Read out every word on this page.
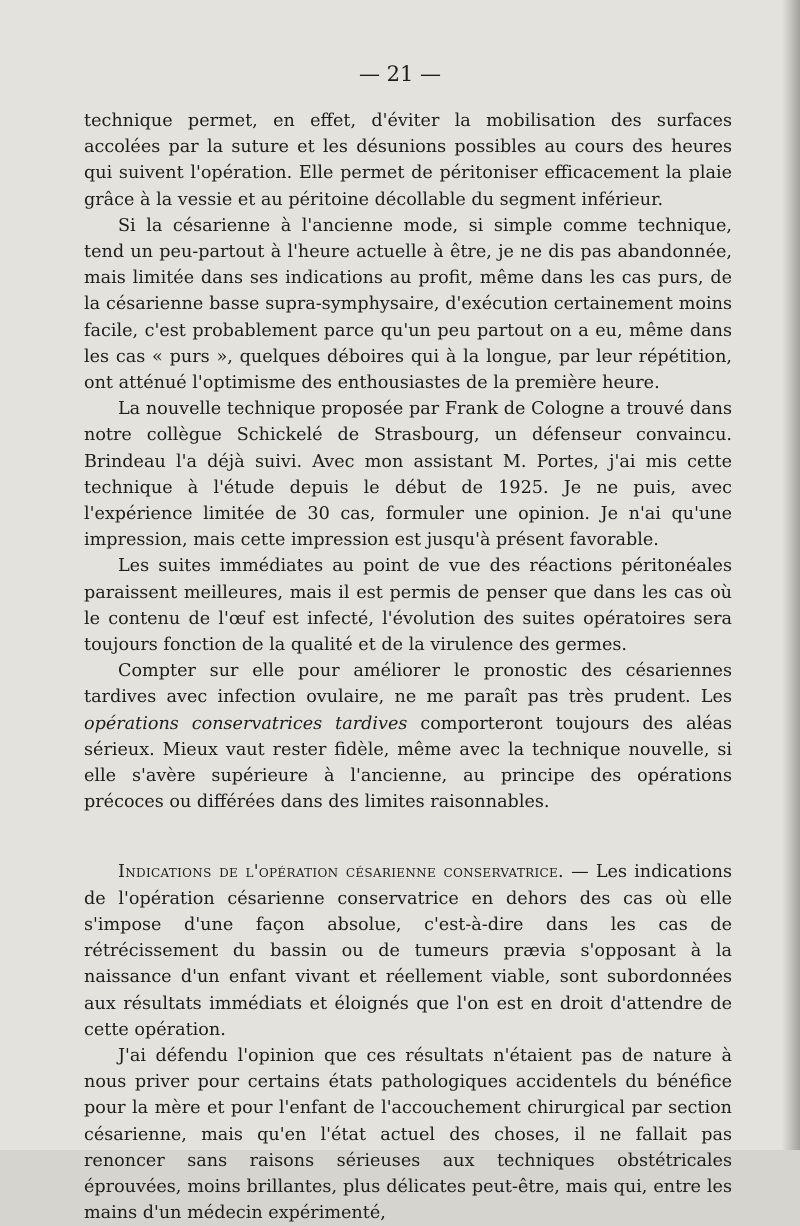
— 21 —

technique permet, en effet, d'éviter la mobilisation des surfaces accolées par la suture et les désunions possibles au cours des heures qui suivent l'opération. Elle permet de péritoniser efficacement la plaie grâce à la vessie et au péritoine décollable du segment inférieur.

Si la césarienne à l'ancienne mode, si simple comme technique, tend un peu-partout à l'heure actuelle à être, je ne dis pas abandonnée, mais limitée dans ses indications au profit, même dans les cas purs, de la césarienne basse supra-symphysaire, d'exécution certainement moins facile, c'est probablement parce qu'un peu partout on a eu, même dans les cas « purs », quelques déboires qui à la longue, par leur répétition, ont atténué l'optimisme des enthousiastes de la première heure.

La nouvelle technique proposée par Frank de Cologne a trouvé dans notre collègue Schickelé de Strasbourg, un défenseur convaincu. Brindeau l'a déjà suivi. Avec mon assistant M. Portes, j'ai mis cette technique à l'étude depuis le début de 1925. Je ne puis, avec l'expérience limitée de 30 cas, formuler une opinion. Je n'ai qu'une impression, mais cette impression est jusqu'à présent favorable.

Les suites immédiates au point de vue des réactions péritonéales paraissent meilleures, mais il est permis de penser que dans les cas où le contenu de l'œuf est infecté, l'évolution des suites opératoires sera toujours fonction de la qualité et de la virulence des germes.

Compter sur elle pour améliorer le pronostic des césariennes tardives avec infection ovulaire, ne me paraît pas très prudent. Les opérations conservatrices tardives comporteront toujours des aléas sérieux. Mieux vaut rester fidèle, même avec la technique nouvelle, si elle s'avère supérieure à l'ancienne, au principe des opérations précoces ou différées dans des limites raisonnables.

Indications de l'opération césarienne conservatrice. — Les indications de l'opération césarienne conservatrice en dehors des cas où elle s'impose d'une façon absolue, c'est-à-dire dans les cas de rétrécissement du bassin ou de tumeurs prævia s'opposant à la naissance d'un enfant vivant et réellement viable, sont subordonnées aux résultats immédiats et éloignés que l'on est en droit d'attendre de cette opération.

J'ai défendu l'opinion que ces résultats n'étaient pas de nature à nous priver pour certains états pathologiques accidentels du bénéfice pour la mère et pour l'enfant de l'accouchement chirurgical par section césarienne, mais qu'en l'état actuel des choses, il ne fallait pas renoncer sans raisons sérieuses aux techniques obstétricales éprouvées, moins brillantes, plus délicates peut-être, mais qui, entre les mains d'un médecin expérimenté,
